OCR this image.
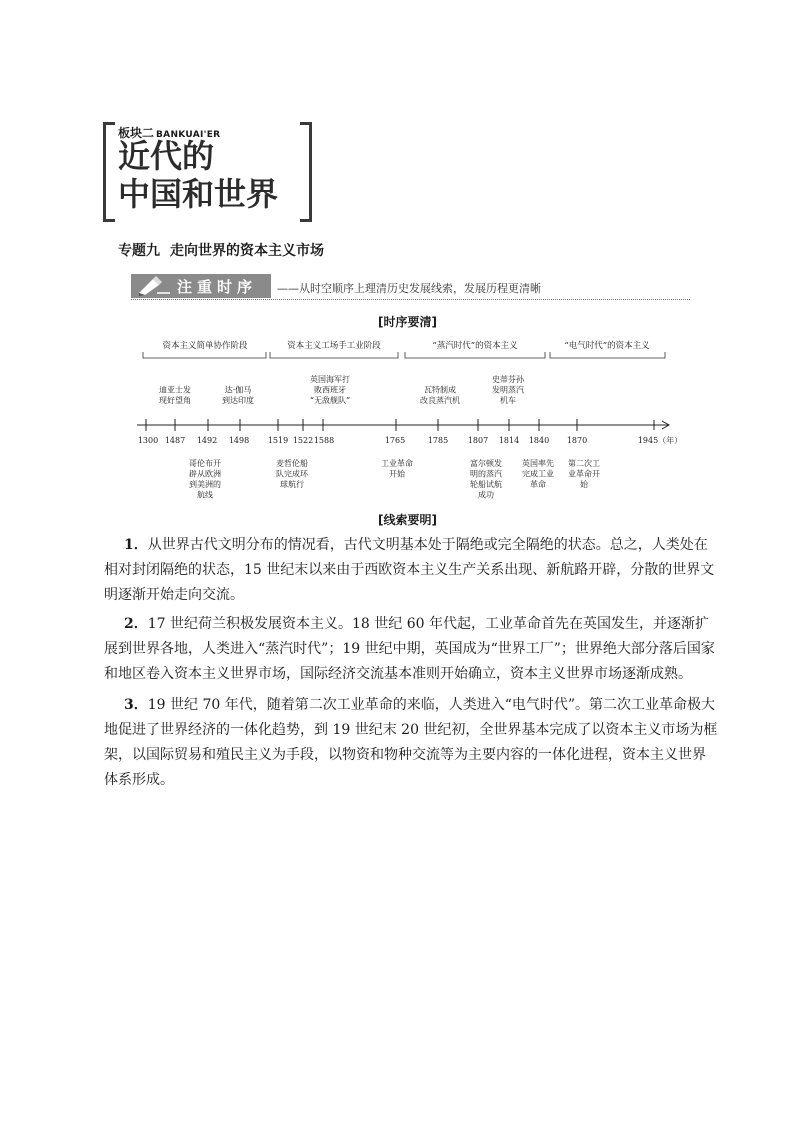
板块二 BANKUAI'ER
近代的
中国和世界
专题九 走向世界的资本主义市场
注重时序 ——从时空顺序上理清历史发展线索，发展历程更清晰
[时序要清]
资本主义简单协作阶段	资本主义工场手工业阶段	“蒸汽时代”的资本主义	“电气时代”的资本主义
迪亚士发
现好望角
达·伽马
到达印度
英国海军打
败西班牙
“无敌舰队”
瓦特制成
改良蒸汽机
史蒂芬孙
发明蒸汽
机车
1300 1487 1492 1498 1519 1522 1588	1765	1785 1807 1814 1840 1870	1945（年）
哥伦布开
辟从欧洲
到美洲的
航线
麦哲伦船
队完成环
球航行
工业革命
开始
富尔顿发
明的蒸汽
轮船试航
成功
英国率先
完成工业
革命
第二次工
业革命开
始
[线索要明]
1．从世界古代文明分布的情况看，古代文明基本处于隔绝或完全隔绝的状态。总之，人类处在相对封闭隔绝的状态，15 世纪末以来由于西欧资本主义生产关系出现、新航路开辟，分散的世界文明逐渐开始走向交流。
2．17 世纪荷兰积极发展资本主义。18 世纪 60 年代起，工业革命首先在英国发生，并逐渐扩展到世界各地，人类进入“蒸汽时代”；19 世纪中期，英国成为“世界工厂”；世界绝大部分落后国家和地区卷入资本主义世界市场，国际经济交流基本准则开始确立，资本主义世界市场逐渐成熟。
3．19 世纪 70 年代，随着第二次工业革命的来临，人类进入“电气时代”。第二次工业革命极大地促进了世界经济的一体化趋势，到 19 世纪末 20 世纪初，全世界基本完成了以资本主义市场为框架，以国际贸易和殖民主义为手段，以物资和物种交流等为主要内容的一体化进程，资本主义世界体系形成。
